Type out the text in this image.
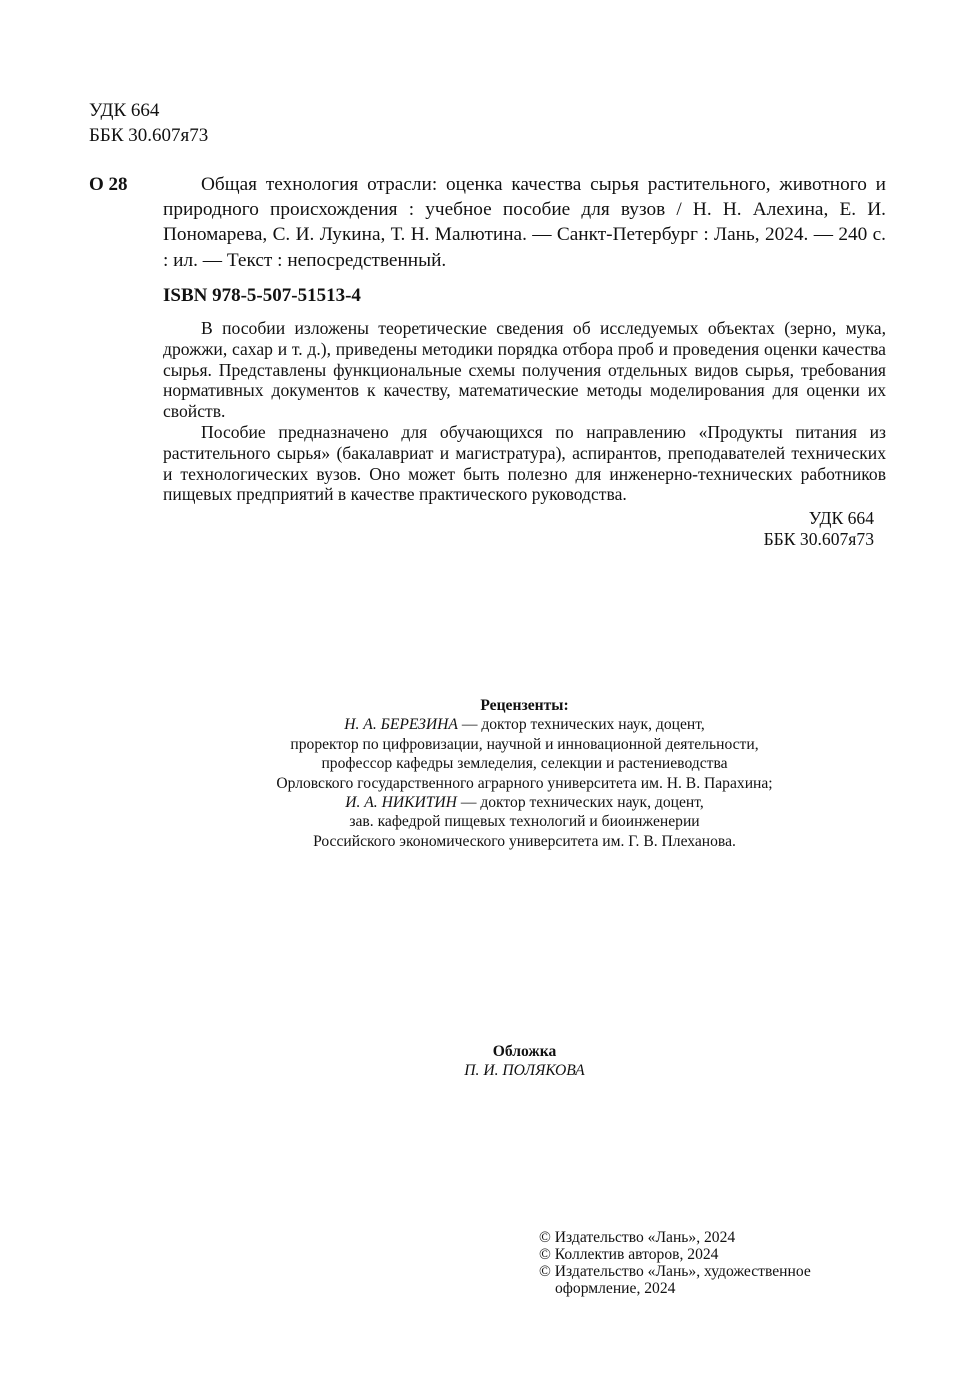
УДК 664
ББК 30.607я73
О 28	Общая технология отрасли: оценка качества сырья растительного, животного и природного происхождения : учебное пособие для вузов / Н. Н. Алехина, Е. И. Пономарева, С. И. Лукина, Т. Н. Малютина. — Санкт-Петербург : Лань, 2024. — 240 с. : ил. — Текст : непосредственный.
ISBN 978-5-507-51513-4

В пособии изложены теоретические сведения об исследуемых объектах (зерно, мука, дрожжи, сахар и т. д.), приведены методики порядка отбора проб и проведения оценки качества сырья. Представлены функциональные схемы получения отдельных видов сырья, требования нормативных документов к качеству, математические методы моделирования для оценки их свойств.

Пособие предназначено для обучающихся по направлению «Продукты питания из растительного сырья» (бакалавриат и магистратура), аспирантов, преподавателей технических и технологических вузов. Оно может быть полезно для инженерно-технических работников пищевых предприятий в качестве практического руководства.

УДК 664
ББК 30.607я73
Рецензенты:
Н. А. БЕРЕЗИНА — доктор технических наук, доцент,
проректор по цифровизации, научной и инновационной деятельности,
профессор кафедры земледелия, селекции и растениеводства
Орловского государственного аграрного университета им. Н. В. Парахина;
И. А. НИКИТИН — доктор технических наук, доцент,
зав. кафедрой пищевых технологий и биоинженерии
Российского экономического университета им. Г. В. Плеханова.
Обложка
П. И. ПОЛЯКОВА
© Издательство «Лань», 2024
© Коллектив авторов, 2024
© Издательство «Лань», художественное
оформление, 2024
